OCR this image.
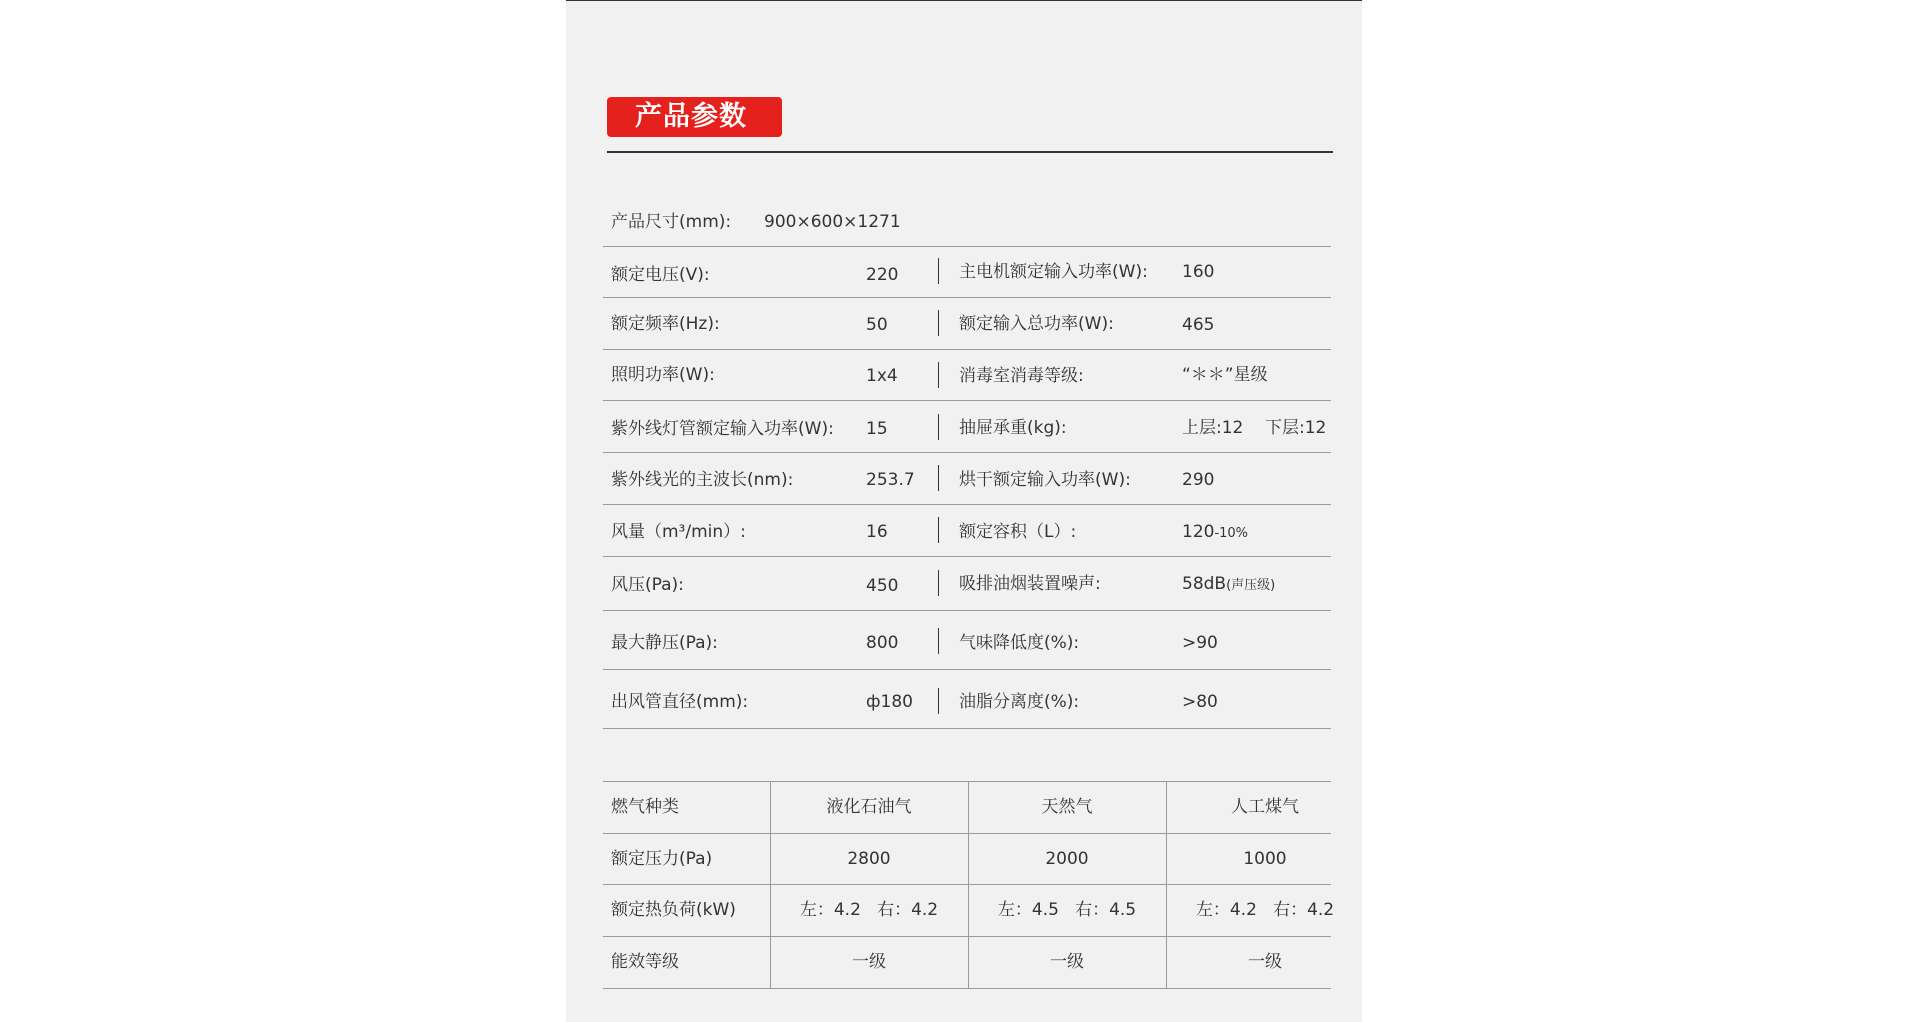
产品参数
产品尺寸(mm): 900×600×1271
额定电压(V):	220	主电机额定输入功率(W): 160
额定频率(Hz):	50	额定输入总功率(W):	465
照明功率(W):	1x4	消毒室消毒等级:	“＊＊”星级
紫外线灯管额定输入功率(W): 15	抽屉承重(kg):	上层:12    下层:12
紫外线光的主波长(nm):	253.7	烘干额定输入功率(W):	290
风量（m³/min）:	16	额定容积（L）:	120-10%
风压(Pa):	450	吸排油烟装置噪声:	58dB(声压级)
最大静压(Pa):	800	气味降低度(%):	>90
出风管直径(mm):	ф180	油脂分离度(%):	>80
燃气种类	液化石油气	天然气	人工煤气
额定压力(Pa)	2800	2000	1000
额定热负荷(kW)	左：4.2   右：4.2	左：4.5   右：4.5	左：4.2   右：4.2
能效等级	一级	一级	一级
